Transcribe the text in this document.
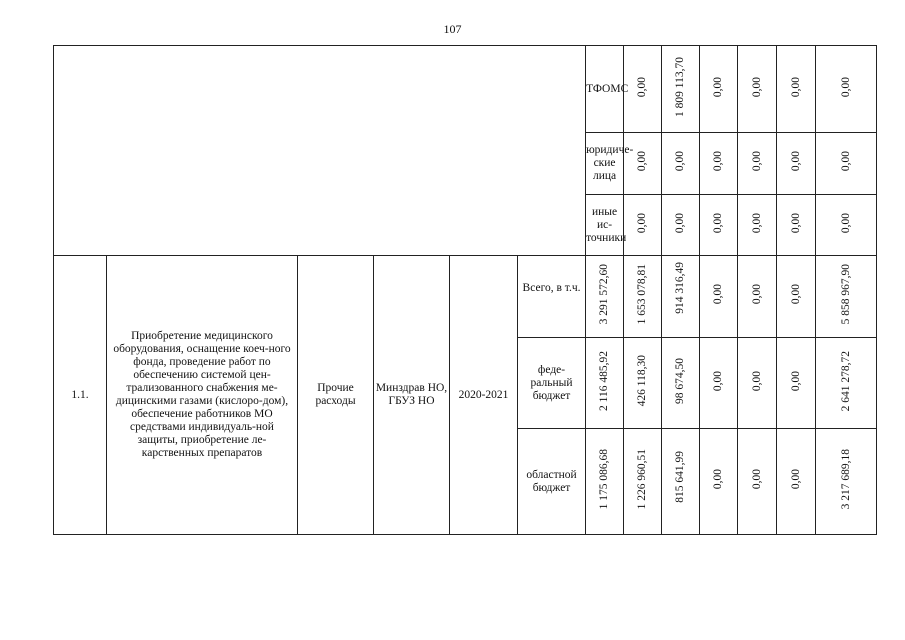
107
						ТФОМС	0,00	1 809 113,70	0,00	0,00	0,00	0,00	
						юридиче-ские лица	0,00	0,00	0,00	0,00	0,00	0,00	
						иные ис-точники	0,00	0,00	0,00	0,00	0,00	0,00	
1.1.	Приобретение медицинского оборудования, оснащение коеч-ного фонда, проведение работ по обеспечению системой цен-трализованного снабжения ме-дицинскими газами (кислоро-дом), обеспечение работников МО средствами индивидуаль-ной защиты, приобретение ле-карственных препаратов	Прочие расходы	Минздрав НО, ГБУЗ НО	2020-2021	Всего, в т.ч.	3 291 572,60	1 653 078,81	914 316,49	0,00	0,00	0,00	5 858 967,90	
					феде-ральный бюджет	2 116 485,92	426 118,30	98 674,50	0,00	0,00	0,00	2 641 278,72	
					областной бюджет	1 175 086,68	1 226 960,51	815 641,99	0,00	0,00	0,00	3 217 689,18	
